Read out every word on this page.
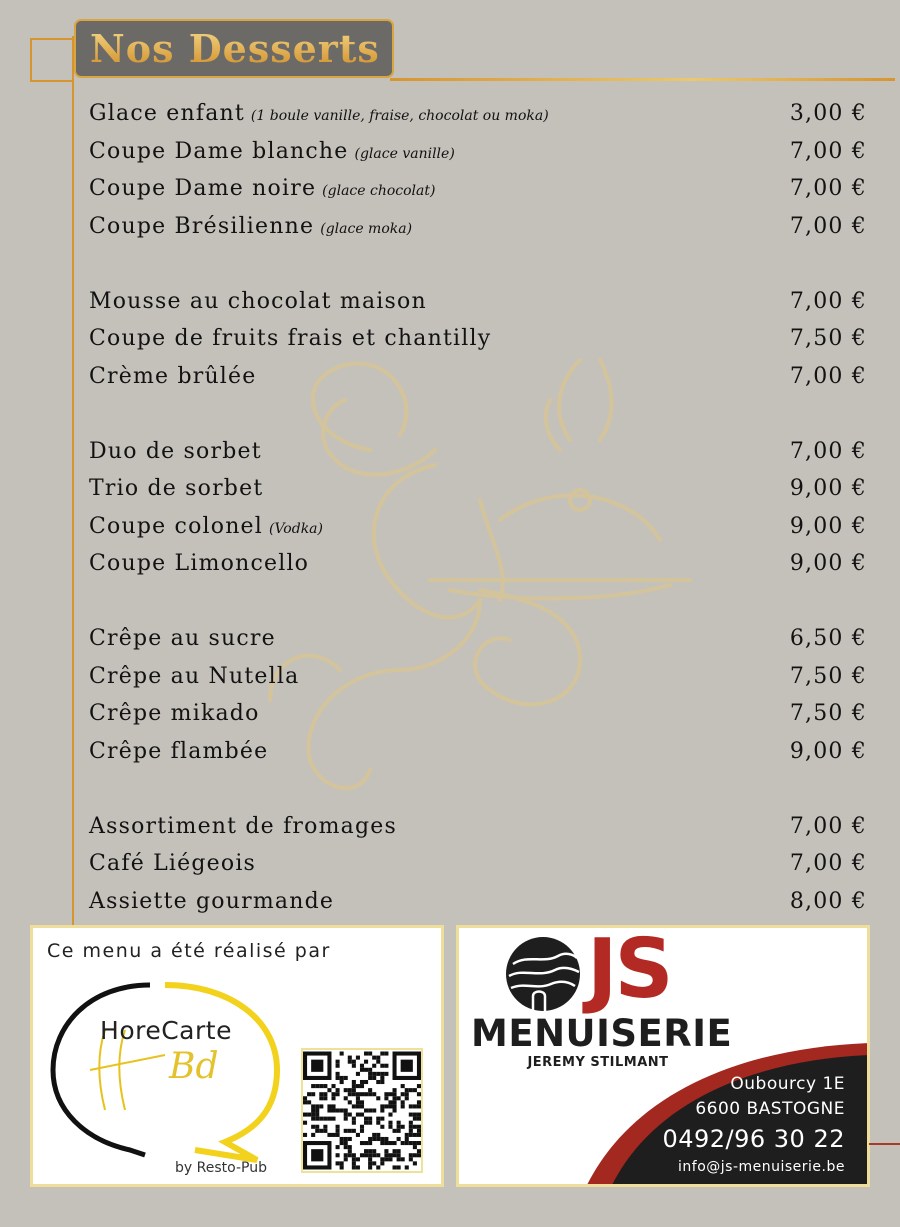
Nos Desserts
Glace enfant (1 boule vanille, fraise, chocolat ou moka)	3,00 €
Coupe Dame blanche (glace vanille)	7,00 €
Coupe Dame noire (glace chocolat)	7,00 €
Coupe Brésilienne (glace moka)	7,00 €
Mousse au chocolat maison	7,00 €
Coupe de fruits frais et chantilly	7,50 €
Crème brûlée	7,00 €
Duo de sorbet	7,00 €
Trio de sorbet	9,00 €
Coupe colonel (Vodka)	9,00 €
Coupe Limoncello	9,00 €
Crêpe au sucre	6,50 €
Crêpe au Nutella	7,50 €
Crêpe mikado	7,50 €
Crêpe flambée	9,00 €
Assortiment de fromages	7,00 €
Café Liégeois	7,00 €
Assiette gourmande	8,00 €
Ce menu a été réalisé par
HoreCarte
Bd
by Resto-Pub
JS
MENUISERIE
JEREMY STILMANT
Oubourcy 1E
6600 BASTOGNE
0492/96 30 22
info@js-menuiserie.be
